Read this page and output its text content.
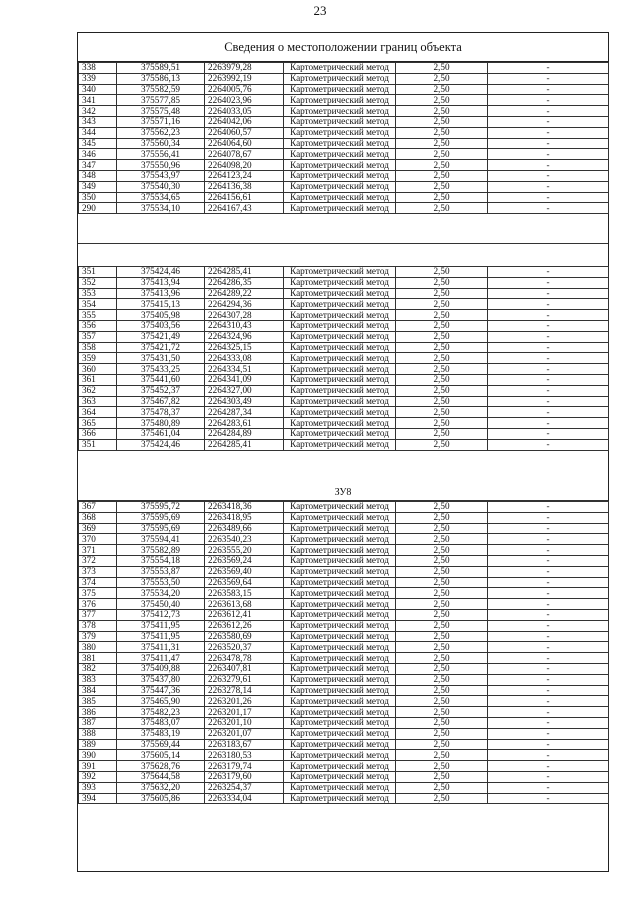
23
Сведения о местоположении границ объекта
338	375589,51	2263979,28	Картометрический метод	2,50	-
339	375586,13	2263992,19	Картометрический метод	2,50	-
340	375582,59	2264005,76	Картометрический метод	2,50	-
341	375577,85	2264023,96	Картометрический метод	2,50	-
342	375575,48	2264033,05	Картометрический метод	2,50	-
343	375571,16	2264042,06	Картометрический метод	2,50	-
344	375562,23	2264060,57	Картометрический метод	2,50	-
345	375560,34	2264064,60	Картометрический метод	2,50	-
346	375556,41	2264078,67	Картометрический метод	2,50	-
347	375550,96	2264098,20	Картометрический метод	2,50	-
348	375543,97	2264123,24	Картометрический метод	2,50	-
349	375540,30	2264136,38	Картометрический метод	2,50	-
350	375534,65	2264156,61	Картометрический метод	2,50	-
290	375534,10	2264167,43	Картометрический метод	2,50	-
351	375424,46	2264285,41	Картометрический метод	2,50	-
352	375413,94	2264286,35	Картометрический метод	2,50	-
353	375413,96	2264289,22	Картометрический метод	2,50	-
354	375415,13	2264294,36	Картометрический метод	2,50	-
355	375405,98	2264307,28	Картометрический метод	2,50	-
356	375403,56	2264310,43	Картометрический метод	2,50	-
357	375421,49	2264324,96	Картометрический метод	2,50	-
358	375421,72	2264325,15	Картометрический метод	2,50	-
359	375431,50	2264333,08	Картометрический метод	2,50	-
360	375433,25	2264334,51	Картометрический метод	2,50	-
361	375441,60	2264341,09	Картометрический метод	2,50	-
362	375452,37	2264327,00	Картометрический метод	2,50	-
363	375467,82	2264303,49	Картометрический метод	2,50	-
364	375478,37	2264287,34	Картометрический метод	2,50	-
365	375480,89	2264283,61	Картометрический метод	2,50	-
366	375461,04	2264284,89	Картометрический метод	2,50	-
351	375424,46	2264285,41	Картометрический метод	2,50	-
ЗУ8
367	375595,72	2263418,36	Картометрический метод	2,50	-
368	375595,69	2263418,95	Картометрический метод	2,50	-
369	375595,69	2263489,66	Картометрический метод	2,50	-
370	375594,41	2263540,23	Картометрический метод	2,50	-
371	375582,89	2263555,20	Картометрический метод	2,50	-
372	375554,18	2263569,24	Картометрический метод	2,50	-
373	375553,87	2263569,40	Картометрический метод	2,50	-
374	375553,50	2263569,64	Картометрический метод	2,50	-
375	375534,20	2263583,15	Картометрический метод	2,50	-
376	375450,40	2263613,68	Картометрический метод	2,50	-
377	375412,73	2263612,41	Картометрический метод	2,50	-
378	375411,95	2263612,26	Картометрический метод	2,50	-
379	375411,95	2263580,69	Картометрический метод	2,50	-
380	375411,31	2263520,37	Картометрический метод	2,50	-
381	375411,47	2263478,78	Картометрический метод	2,50	-
382	375409,88	2263407,81	Картометрический метод	2,50	-
383	375437,80	2263279,61	Картометрический метод	2,50	-
384	375447,36	2263278,14	Картометрический метод	2,50	-
385	375465,90	2263201,26	Картометрический метод	2,50	-
386	375482,23	2263201,17	Картометрический метод	2,50	-
387	375483,07	2263201,10	Картометрический метод	2,50	-
388	375483,19	2263201,07	Картометрический метод	2,50	-
389	375569,44	2263183,67	Картометрический метод	2,50	-
390	375605,14	2263180,53	Картометрический метод	2,50	-
391	375628,76	2263179,74	Картометрический метод	2,50	-
392	375644,58	2263179,60	Картометрический метод	2,50	-
393	375632,20	2263254,37	Картометрический метод	2,50	-
394	375605,86	2263334,04	Картометрический метод	2,50	-
